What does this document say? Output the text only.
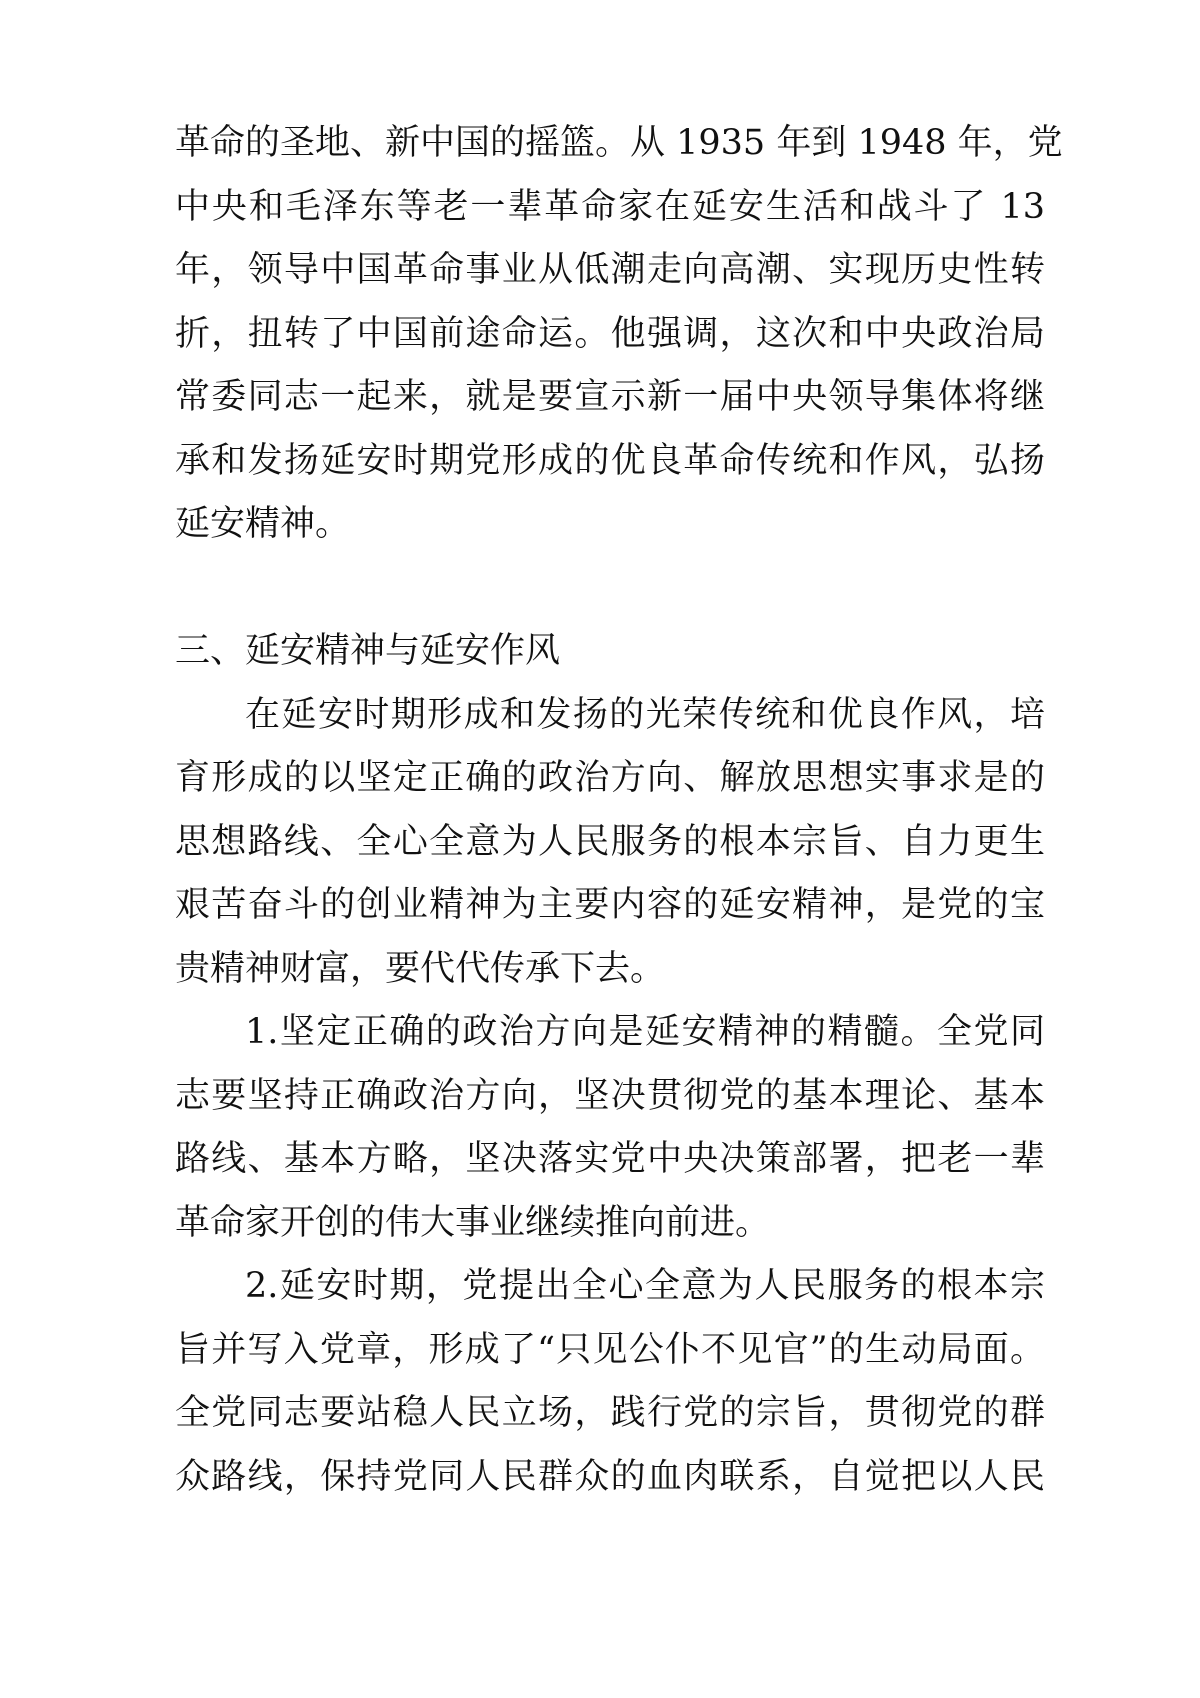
革命的圣地、新中国的摇篮。从 1935 年到 1948 年，党
中央和毛泽东等老一辈革命家在延安生活和战斗了 13
年，领导中国革命事业从低潮走向高潮、实现历史性转
折，扭转了中国前途命运。他强调，这次和中央政治局
常委同志一起来，就是要宣示新一届中央领导集体将继
承和发扬延安时期党形成的优良革命传统和作风，弘扬
延安精神。
三、延安精神与延安作风
在延安时期形成和发扬的光荣传统和优良作风，培
育形成的以坚定正确的政治方向、解放思想实事求是的
思想路线、全心全意为人民服务的根本宗旨、自力更生
艰苦奋斗的创业精神为主要内容的延安精神，是党的宝
贵精神财富，要代代传承下去。
1.坚定正确的政治方向是延安精神的精髓。全党同
志要坚持正确政治方向，坚决贯彻党的基本理论、基本
路线、基本方略，坚决落实党中央决策部署，把老一辈
革命家开创的伟大事业继续推向前进。
2.延安时期，党提出全心全意为人民服务的根本宗
旨并写入党章，形成了“只见公仆不见官”的生动局面。
全党同志要站稳人民立场，践行党的宗旨，贯彻党的群
众路线，保持党同人民群众的血肉联系，自觉把以人民
